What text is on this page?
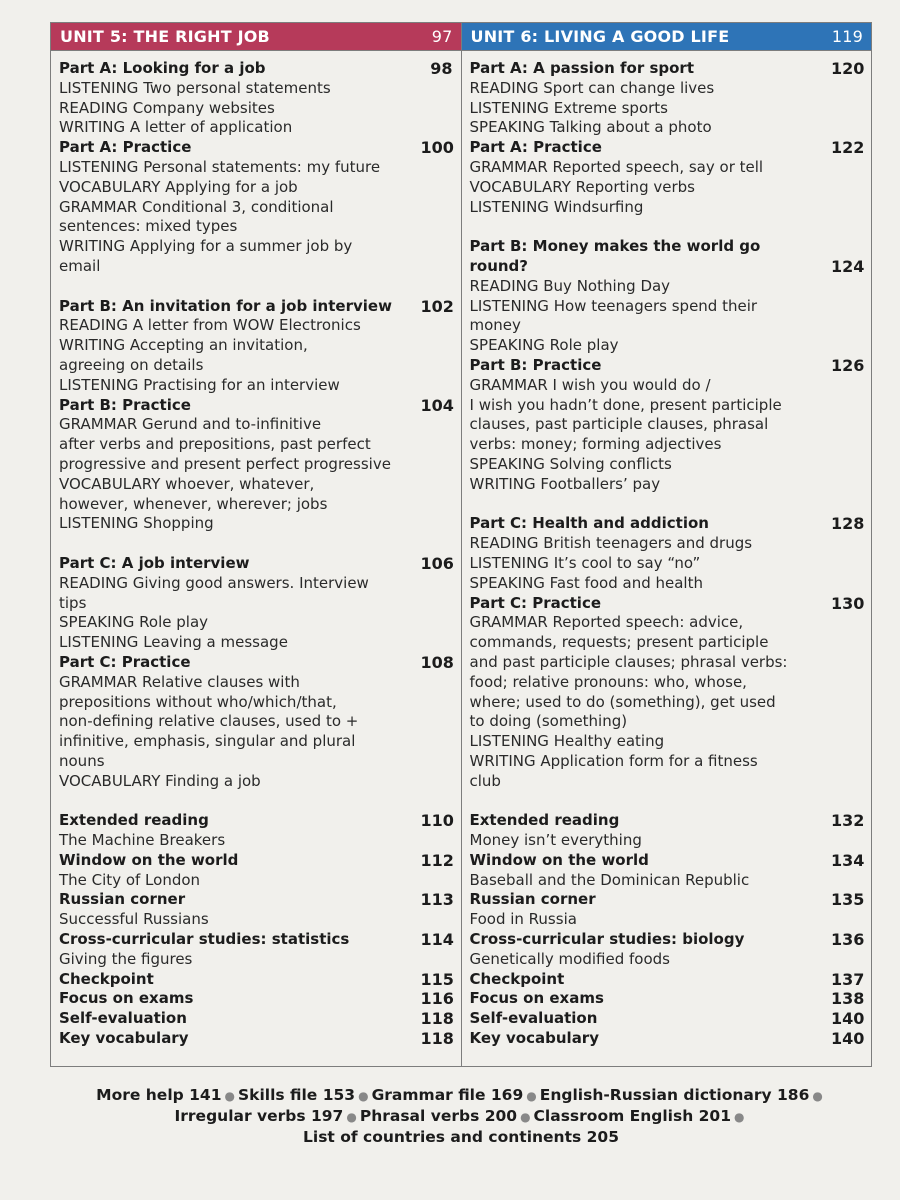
UNIT 5: THE RIGHT JOB	97
Part A: Looking for a job	98
LISTENING Two personal statements
READING Company websites
WRITING A letter of application
Part A: Practice	100
LISTENING Personal statements: my future
VOCABULARY Applying for a job
GRAMMAR Conditional 3, conditional
sentences: mixed types
WRITING Applying for a summer job by
email
Part B: An invitation for a job interview	102
READING A letter from WOW Electronics
WRITING Accepting an invitation,
agreeing on details
LISTENING Practising for an interview
Part B: Practice	104
GRAMMAR Gerund and to-infinitive
after verbs and prepositions, past perfect
progressive and present perfect progressive
VOCABULARY whoever, whatever,
however, whenever, wherever; jobs
LISTENING Shopping
Part C: A job interview	106
READING Giving good answers. Interview
tips
SPEAKING Role play
LISTENING Leaving a message
Part C: Practice	108
GRAMMAR Relative clauses with
prepositions without who/which/that,
non-defining relative clauses, used to +
infinitive, emphasis, singular and plural
nouns
VOCABULARY Finding a job
Extended reading	110
The Machine Breakers
Window on the world	112
The City of London
Russian corner	113
Successful Russians
Cross-curricular studies: statistics	114
Giving the figures
Checkpoint	115
Focus on exams	116
Self-evaluation	118
Key vocabulary	118
UNIT 6: LIVING A GOOD LIFE	119
Part A: A passion for sport	120
READING Sport can change lives
LISTENING Extreme sports
SPEAKING Talking about a photo
Part A: Practice	122
GRAMMAR Reported speech, say or tell
VOCABULARY Reporting verbs
LISTENING Windsurfing
Part B: Money makes the world go
round?	124
READING Buy Nothing Day
LISTENING How teenagers spend their
money
SPEAKING Role play
Part B: Practice	126
GRAMMAR I wish you would do /
I wish you hadn’t done, present participle
clauses, past participle clauses, phrasal
verbs: money; forming adjectives
SPEAKING Solving conflicts
WRITING Footballers’ pay
Part C: Health and addiction	128
READING British teenagers and drugs
LISTENING It’s cool to say “no”
SPEAKING Fast food and health
Part C: Practice	130
GRAMMAR Reported speech: advice,
commands, requests; present participle
and past participle clauses; phrasal verbs:
food; relative pronouns: who, whose,
where; used to do (something), get used
to doing (something)
LISTENING Healthy eating
WRITING Application form for a fitness
club
Extended reading	132
Money isn’t everything
Window on the world	134
Baseball and the Dominican Republic
Russian corner	135
Food in Russia
Cross-curricular studies: biology	136
Genetically modified foods
Checkpoint	137
Focus on exams	138
Self-evaluation	140
Key vocabulary	140
More help 141 ● Skills file 153 ● Grammar file 169 ● English-Russian dictionary 186 ●
Irregular verbs 197 ● Phrasal verbs 200 ● Classroom English 201 ●
List of countries and continents 205
